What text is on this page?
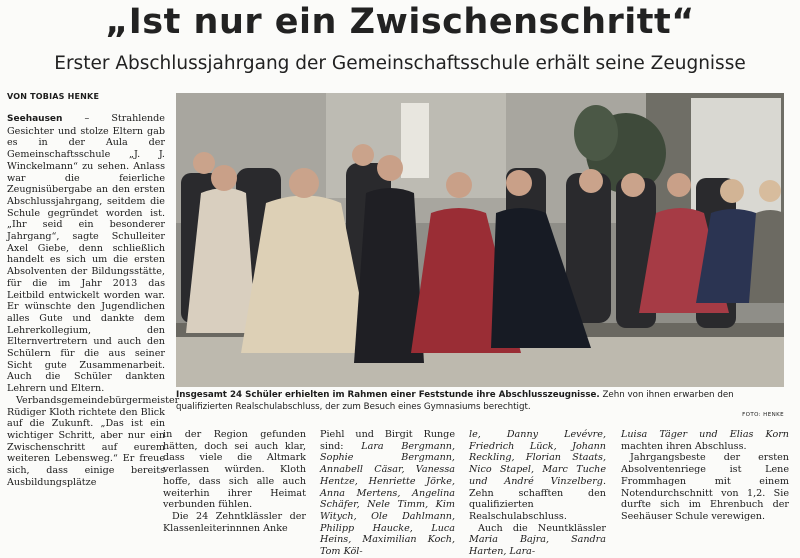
„Ist nur ein Zwischenschritt“
Erster Abschlussjahrgang der Gemeinschaftsschule erhält seine Zeugnisse
VON TOBIAS HENKE

Seehausen – Strahlende Gesichter und stolze Eltern gab es in der Aula der Gemeinschaftsschule „J. J. Winckelmann“ zu sehen. Anlass war die feierliche Zeugnisübergabe an den ersten Abschlussjahrgang, seitdem die Schule gegründet worden ist. „Ihr seid ein besonderer Jahrgang“, sagte Schulleiter Axel Giebe, denn schließlich handelt es sich um die ersten Absolventen der Bildungsstätte, für die im Jahr 2013 das Leitbild entwickelt worden war. Er wünschte den Jugendlichen alles Gute und dankte dem Lehrerkollegium, den Elternvertretern und auch den Schülern für die aus seiner Sicht gute Zusammenarbeit. Auch die Schüler dankten Lehrern und Eltern.

Verbandsgemeindebürgermeister Rüdiger Kloth richtete den Blick auf die Zukunft. „Das ist ein wichtiger Schritt, aber nur ein Zwischenschritt auf eurem weiteren Lebensweg.“ Er freue sich, dass einige bereits Ausbildungsplätze

Insgesamt 24 Schüler erhielten im Rahmen einer Feststunde ihre Abschlusszeugnisse. Zehn von ihnen erwarben den qualifizierten Realschulabschluss, der zum Besuch eines Gymnasiums berechtigt.
FOTO: HENKE

in der Region gefunden hätten, doch sei auch klar, dass viele die Altmark verlassen würden. Kloth hoffe, dass sich alle auch weiterhin ihrer Heimat verbunden fühlen.

Die 24 Zehntklässler der Klassenleiterinnnen Anke

Piehl und Birgit Runge sind: Lara Bergmann, Sophie Bergmann, Annabell Cäsar, Vanessa Hentze, Henriette Jörke, Anna Mertens, Angelina Schäfer, Nele Timm, Kim Witych, Ole Dahlmann, Philipp Haucke, Luca Heins, Maximilian Koch, Tom Köl-

le, Danny Levévre, Friedrich Lück, Johann Reckling, Florian Staats, Nico Stapel, Marc Tuche und André Vinzelberg. Zehn schafften den qualifizierten Realschulabschluss.

Auch die Neuntklässler Maria Bajra, Sandra Harten, Lara-

Luisa Täger und Elias Korn machten ihren Abschluss.

Jahrgangsbeste der ersten Absolventenriege ist Lene Frommhagen mit einem Notendurchschnitt von 1,2. Sie durfte sich im Ehrenbuch der Seehäuser Schule verewigen.
